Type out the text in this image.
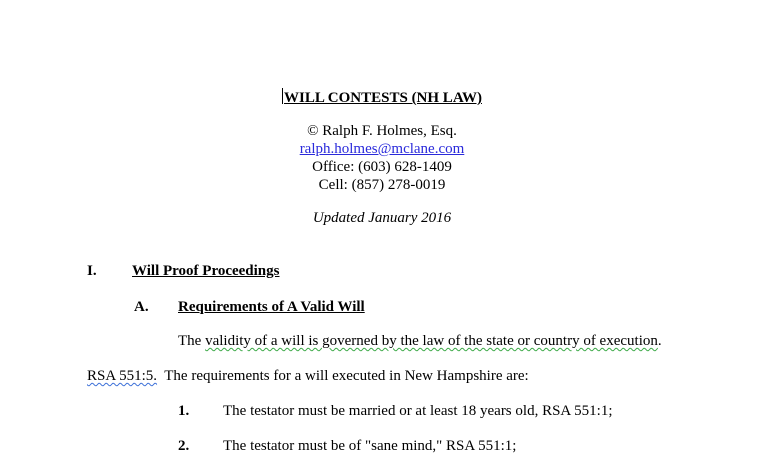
WILL CONTESTS (NH LAW)
© Ralph F. Holmes, Esq.
ralph.holmes@mclane.com
Office: (603) 628-1409
Cell: (857) 278-0019
Updated January 2016
I. Will Proof Proceedings
A. Requirements of A Valid Will
The validity of a will is governed by the law of the state or country of execution.
RSA 551:5.  The requirements for a will executed in New Hampshire are:
1. The testator must be married or at least 18 years old, RSA 551:1;
2. The testator must be of "sane mind," RSA 551:1;
